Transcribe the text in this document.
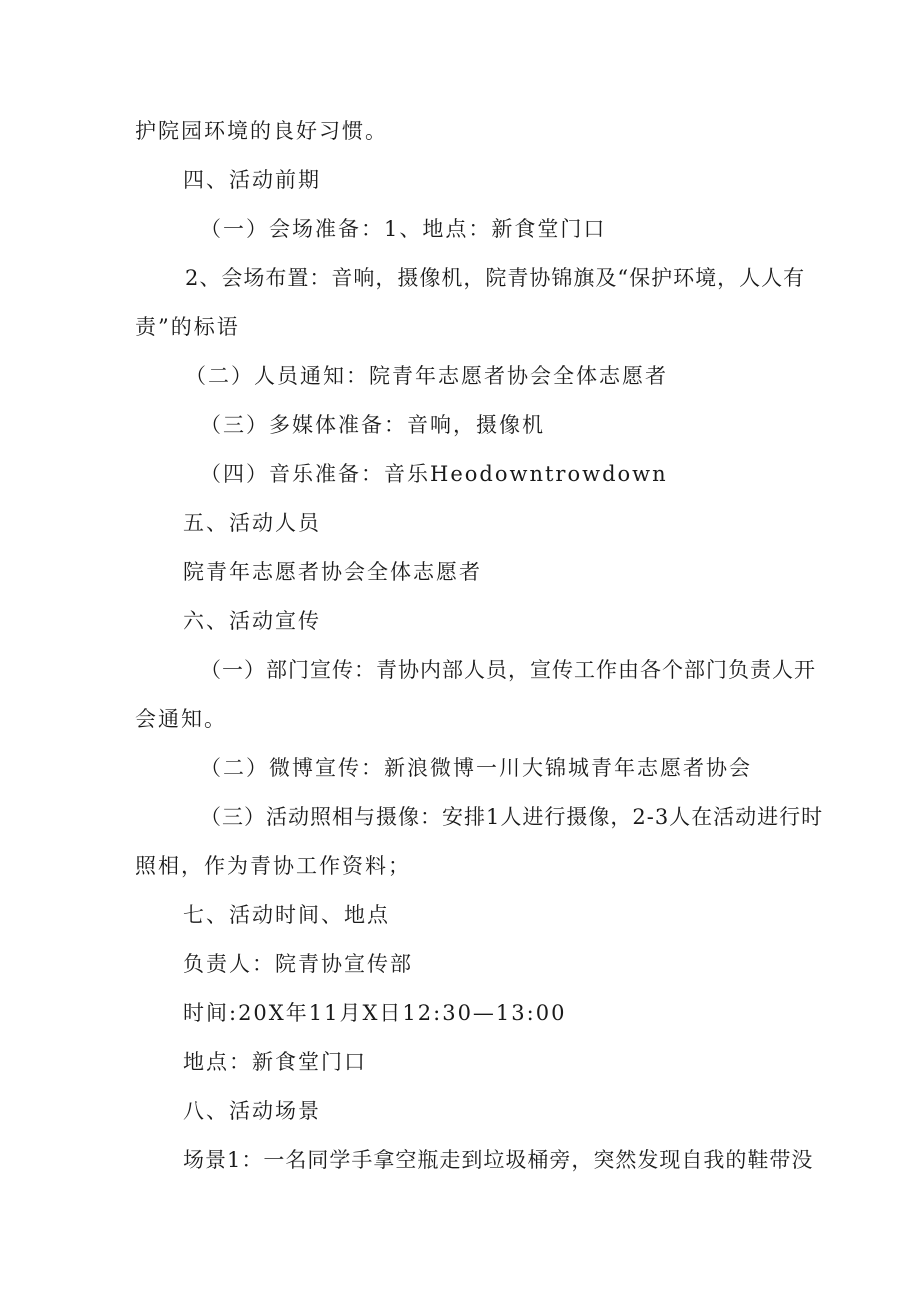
护院园环境的良好习惯。
四、活动前期
（一）会场准备：1、地点：新食堂门口
2、会场布置：音响，摄像机，院青协锦旗及“保护环境，人人有
责”的标语
（二）人员通知：院青年志愿者协会全体志愿者
（三）多媒体准备：音响，摄像机
（四）音乐准备：音乐Heodowntrowdown
五、活动人员
院青年志愿者协会全体志愿者
六、活动宣传
（一）部门宣传：青协内部人员，宣传工作由各个部门负责人开
会通知。
（二）微博宣传：新浪微博一川大锦城青年志愿者协会
（三）活动照相与摄像：安排1人进行摄像，2-3人在活动进行时
照相，作为青协工作资料；
七、活动时间、地点
负责人：院青协宣传部
时间:20X年11月X日12:30—13:00
地点：新食堂门口
八、活动场景
场景1：一名同学手拿空瓶走到垃圾桶旁，突然发现自我的鞋带没
